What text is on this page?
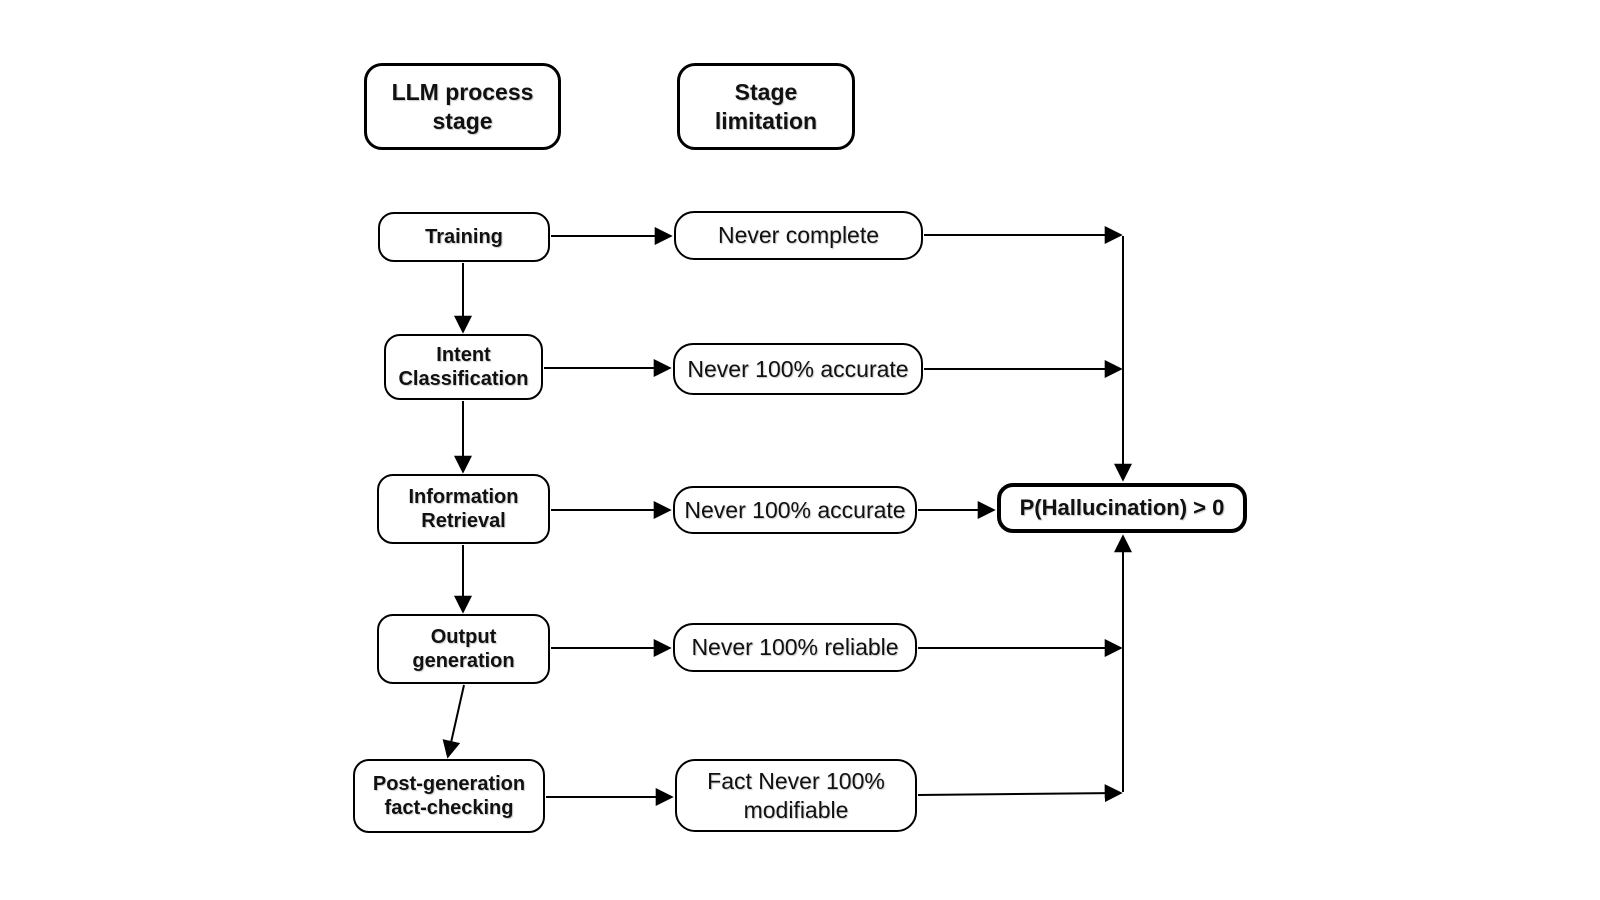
LLM process stage
Stage limitation
Training
Intent Classification
Information Retrieval
Output generation
Post-generation fact-checking
Never complete
Never 100% accurate
Never 100% accurate
Never 100% reliable
Fact Never 100% modifiable
P(Hallucination) > 0
